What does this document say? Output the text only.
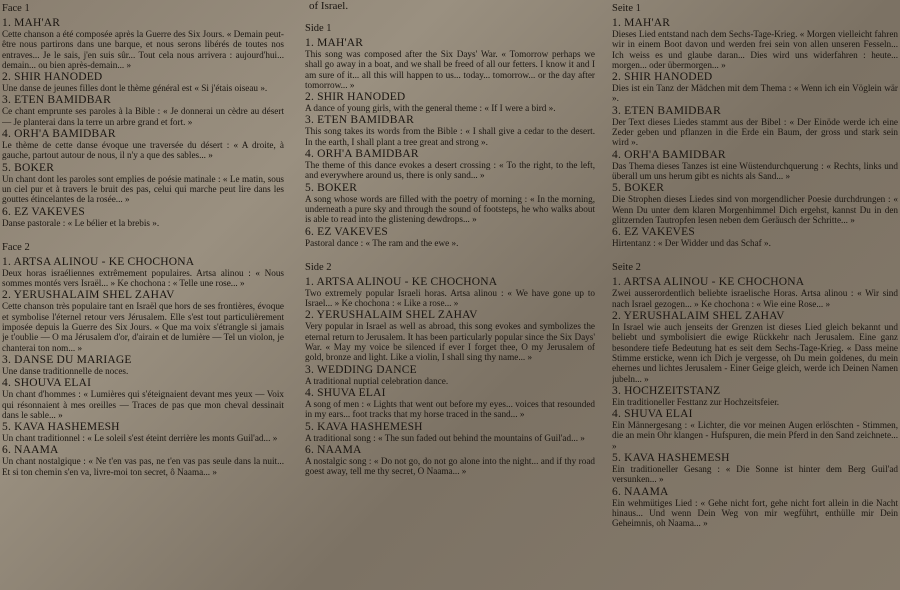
Face 1
1. MAH'AR
Cette chanson a été composée après la Guerre des Six Jours. « Demain peut-être nous partirons dans une barque, et nous serons libérés de toutes nos entraves... Je le sais, j'en suis sûr... Tout cela nous arrivera : aujourd'hui... demain... ou bien après-demain... »
2. SHIR HANODED
Une danse de jeunes filles dont le thème général est « Si j'étais oiseau ».
3. ETEN BAMIDBAR
Ce chant emprunte ses paroles à la Bible : « Je donnerai un cèdre au désert — Je planterai dans la terre un arbre grand et fort. »
4. ORH'A BAMIDBAR
Le thème de cette danse évoque une traversée du désert : « A droite, à gauche, partout autour de nous, il n'y a que des sables... »
5. BOKER
Un chant dont les paroles sont emplies de poésie matinale : « Le matin, sous un ciel pur et à travers le bruit des pas, celui qui marche peut lire dans les gouttes étincelantes de la rosée... »
6. EZ VAKEVES
Danse pastorale : « Le bélier et la brebis ».
Face 2
1. ARTSA ALINOU - KE CHOCHONA
Deux horas israéliennes extrêmement populaires. Artsa alinou : « Nous sommes montés vers Israël... » Ke chochona : « Telle une rose... »
2. YERUSHALAIM SHEL ZAHAV
Cette chanson très populaire tant en Israël que hors de ses frontières, évoque et symbolise l'éternel retour vers Jérusalem. Elle s'est tout particulièrement imposée depuis la Guerre des Six Jours. « Que ma voix s'étrangle si jamais je t'oublie — O ma Jérusalem d'or, d'airain et de lumière — Tel un violon, je chanterai ton nom... »
3. DANSE DU MARIAGE
Une danse traditionnelle de noces.
4. SHOUVA ELAI
Un chant d'hommes : « Lumières qui s'éteignaient devant mes yeux — Voix qui résonnaient à mes oreilles — Traces de pas que mon cheval dessinait dans le sable... »
5. KAVA HASHEMESH
Un chant traditionnel : « Le soleil s'est éteint derrière les monts Guil'ad... »
6. NAAMA
Un chant nostalgique : « Ne t'en vas pas, ne t'en vas pas seule dans la nuit... Et si ton chemin s'en va, livre-moi ton secret, ô Naama... »
of Israel.
Side 1
1. MAH'AR
This song was composed after the Six Days' War. « Tomorrow perhaps we shall go away in a boat, and we shall be freed of all our fetters. I know it and I am sure of it... all this will happen to us... today... tomorrow... or the day after tomorrow... »
2. SHIR HANODED
A dance of young girls, with the general theme : « If I were a bird ».
3. ETEN BAMIDBAR
This song takes its words from the Bible : « I shall give a cedar to the desert. In the earth, I shall plant a tree great and strong ».
4. ORH'A BAMIDBAR
The theme of this dance evokes a desert crossing : « To the right, to the left, and everywhere around us, there is only sand... »
5. BOKER
A song whose words are filled with the poetry of morning : « In the morning, underneath a pure sky and through the sound of footsteps, he who walks about is able to read into the glistening dewdrops... »
6. EZ VAKEVES
Pastoral dance : « The ram and the ewe ».
Side 2
1. ARTSA ALINOU - KE CHOCHONA
Two extremely popular Israeli horas. Artsa alinou : « We have gone up to Israel... » Ke chochona : « Like a rose... »
2. YERUSHALAIM SHEL ZAHAV
Very popular in Israel as well as abroad, this song evokes and symbolizes the eternal return to Jerusalem. It has been particularly popular since the Six Days' War. « May my voice be silenced if ever I forget thee, O my Jerusalem of gold, bronze and light. Like a violin, I shall sing thy name... »
3. WEDDING DANCE
A traditional nuptial celebration dance.
4. SHUVA ELAI
A song of men : « Lights that went out before my eyes... voices that resounded in my ears... foot tracks that my horse traced in the sand... »
5. KAVA HASHEMESH
A traditional song : « The sun faded out behind the mountains of Guil'ad... »
6. NAAMA
A nostalgic song : « Do not go, do not go alone into the night... and if thy road goest away, tell me thy secret, O Naama... »
Seite 1
1. MAH'AR
Dieses Lied entstand nach dem Sechs-Tage-Krieg. « Morgen vielleicht fahren wir in einem Boot davon und werden frei sein von allen unseren Fesseln... Ich weiss es und glaube daran... Dies wird uns widerfahren : heute... morgen... oder übermorgen... »
2. SHIR HANODED
Dies ist ein Tanz der Mädchen mit dem Thema : « Wenn ich ein Vöglein wär ».
3. ETEN BAMIDBAR
Der Text dieses Liedes stammt aus der Bibel : « Der Einöde werde ich eine Zeder geben und pflanzen in die Erde ein Baum, der gross und stark sein wird ».
4. ORH'A BAMIDBAR
Das Thema dieses Tanzes ist eine Wüstendurchquerung : « Rechts, links und überall um uns herum gibt es nichts als Sand... »
5. BOKER
Die Strophen dieses Liedes sind von morgendlicher Poesie durchdrungen : « Wenn Du unter dem klaren Morgenhimmel Dich ergehst, kannst Du in den glitzernden Tautropfen lesen neben dem Geräusch der Schritte... »
6. EZ VAKEVES
Hirtentanz : « Der Widder und das Schaf ».
Seite 2
1. ARTSA ALINOU - KE CHOCHONA
Zwei ausserordentlich beliebte israelische Horas. Artsa alinou : « Wir sind nach Israel gezogen... » Ke chochona : « Wie eine Rose... »
2. YERUSHALAIM SHEL ZAHAV
In Israel wie auch jenseits der Grenzen ist dieses Lied gleich bekannt und beliebt und symbolisiert die ewige Rückkehr nach Jerusalem. Eine ganz besondere tiefe Bedeutung hat es seit dem Sechs-Tage-Krieg. « Dass meine Stimme ersticke, wenn ich Dich je vergesse, oh Du mein goldenes, du mein ehernes und lichtes Jerusalem - Einer Geige gleich, werde ich Deinen Namen jubeln... »
3. HOCHZEITSTANZ
Ein traditioneller Festtanz zur Hochzeitsfeier.
4. SHUVA ELAI
Ein Männergesang : « Lichter, die vor meinen Augen erlöschten - Stimmen, die an mein Ohr klangen - Hufspuren, die mein Pferd in den Sand zeichnete... »
5. KAVA HASHEMESH
Ein traditioneller Gesang : « Die Sonne ist hinter dem Berg Guil'ad versunken... »
6. NAAMA
Ein wehmütiges Lied : « Gehe nicht fort, gehe nicht fort allein in die Nacht hinaus... Und wenn Dein Weg von mir wegführt, enthülle mir Dein Geheimnis, oh Naama... »
